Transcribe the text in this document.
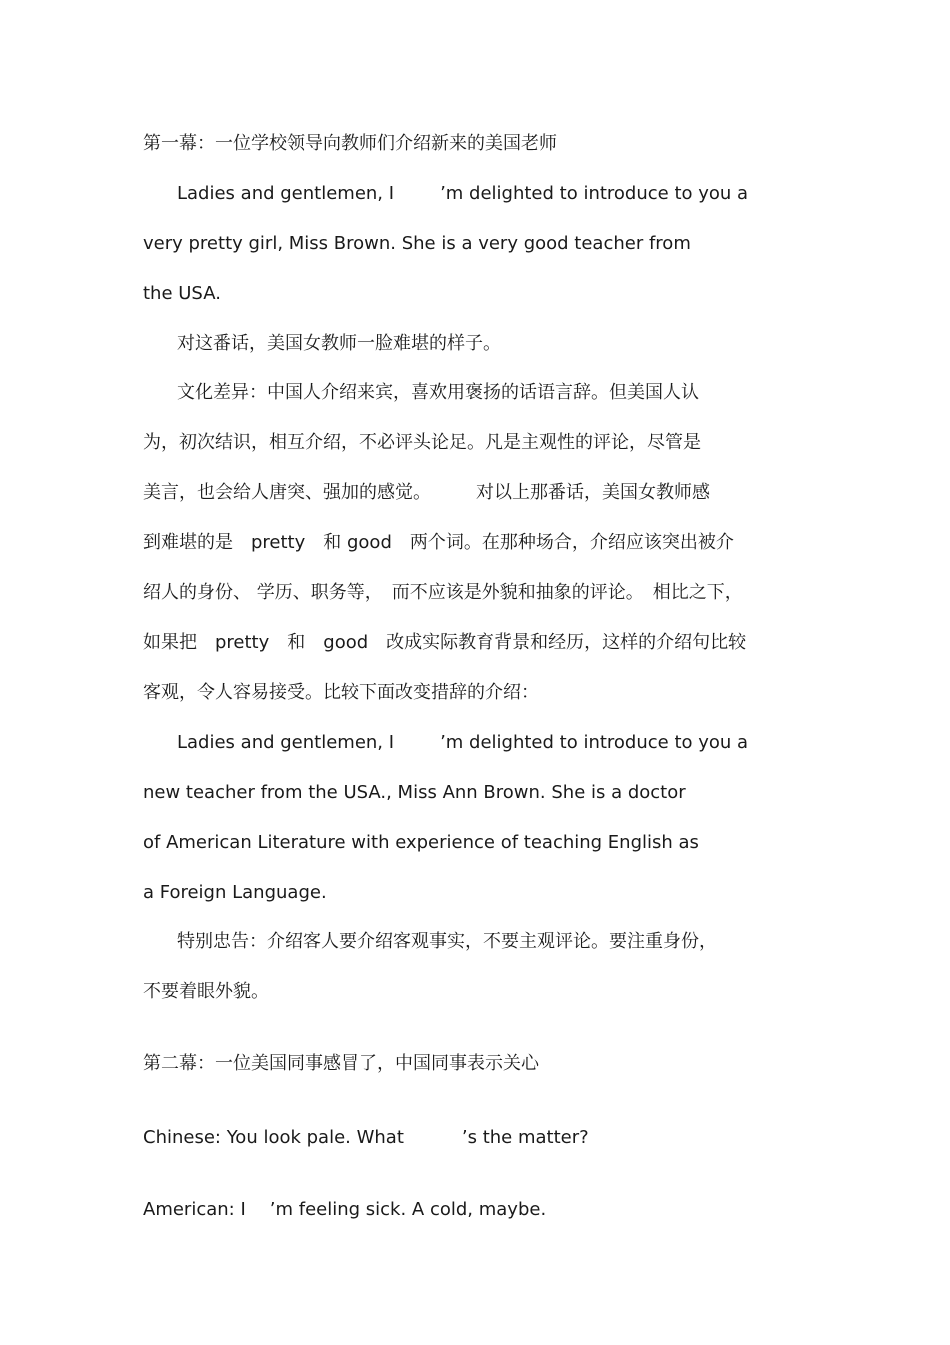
第一幕：一位学校领导向教师们介绍新来的美国老师
Ladies and gentlemen, I	’m delighted to introduce to you a
very pretty girl, Miss Brown. She is a very good teacher from
the USA.
对这番话，美国女教师一脸难堪的样子。
文化差异：中国人介绍来宾，喜欢用褒扬的话语言辞。但美国人认
为，初次结识，相互介绍，不必评头论足。凡是主观性的评论，尽管是
美言，也会给人唐突、强加的感觉。　　　对以上那番话，美国女教师感
到难堪的是　pretty　和 good　两个词。在那种场合，介绍应该突出被介
绍人的身份、 学历、职务等，　而不应该是外貌和抽象的评论。　相比之下，
如果把　pretty　和　good　改成实际教育背景和经历，这样的介绍句比较
客观，令人容易接受。比较下面改变措辞的介绍：
Ladies and gentlemen, I	’m delighted to introduce to you a
new teacher from the USA., Miss Ann Brown. She is a doctor
of American Literature with experience of teaching English as
a Foreign Language.
特别忠告：介绍客人要介绍客观事实，不要主观评论。要注重身份，
不要着眼外貌。
第二幕：一位美国同事感冒了，中国同事表示关心
Chinese: You look pale. What	’s the matter?
American: I ’m feeling sick. A cold, maybe.
